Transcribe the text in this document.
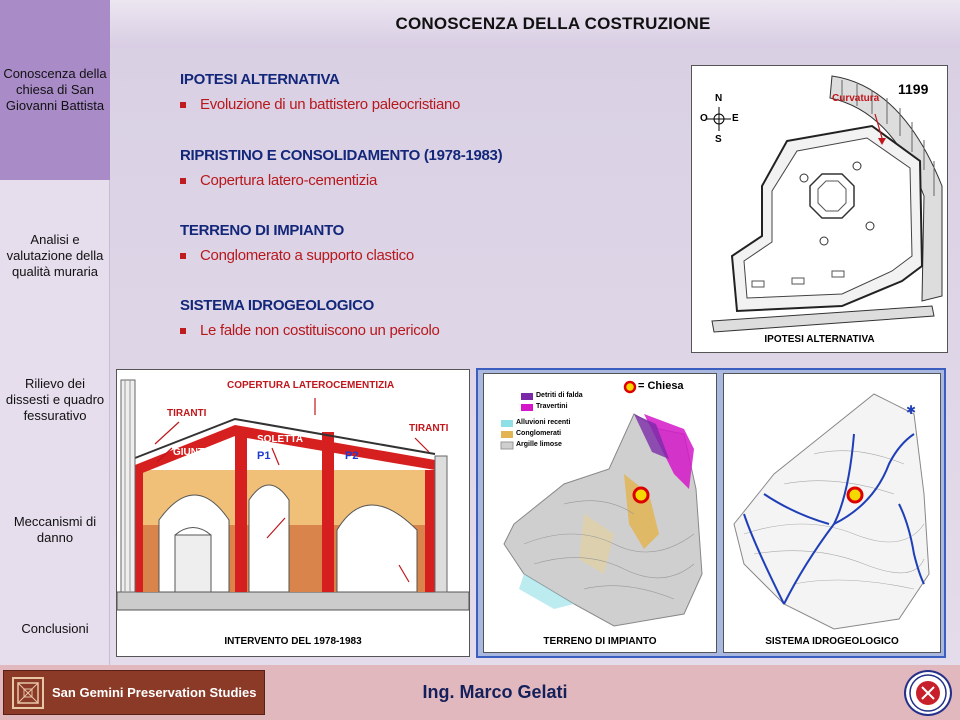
Conoscenza della chiesa di San Giovanni Battista
Analisi e valutazione della qualità muraria
Rilievo dei dissesti e quadro fessurativo
Meccanismi di danno
Conclusioni
CONOSCENZA DELLA COSTRUZIONE
IPOTESI ALTERNATIVA
Evoluzione di un battistero paleocristiano
RIPRISTINO E CONSOLIDAMENTO (1978-1983)
Copertura latero-cementizia
TERRENO DI IMPIANTO
Conglomerato a supporto clastico
SISTEMA IDROGEOLOGICO
Le falde non costituiscono un pericolo
N
S
O E
1199
Curvatura
IPOTESI ALTERNATIVA
COPERTURA LATEROCEMENTIZIA
TIRANTI
TIRANTI
GIUNTI
SOLETTA
P1	P2
INIEZ.
CONSOL.
FONDALE
INTERVENTO DEL 1978-1983
= Chiesa
Detriti di falda
Travertini
Alluvioni recenti
Conglomerati
Argille limose
TERRENO DI IMPIANTO
✱
SISTEMA IDROGEOLOGICO
San Gemini Preservation Studies	Ing. Marco Gelati
